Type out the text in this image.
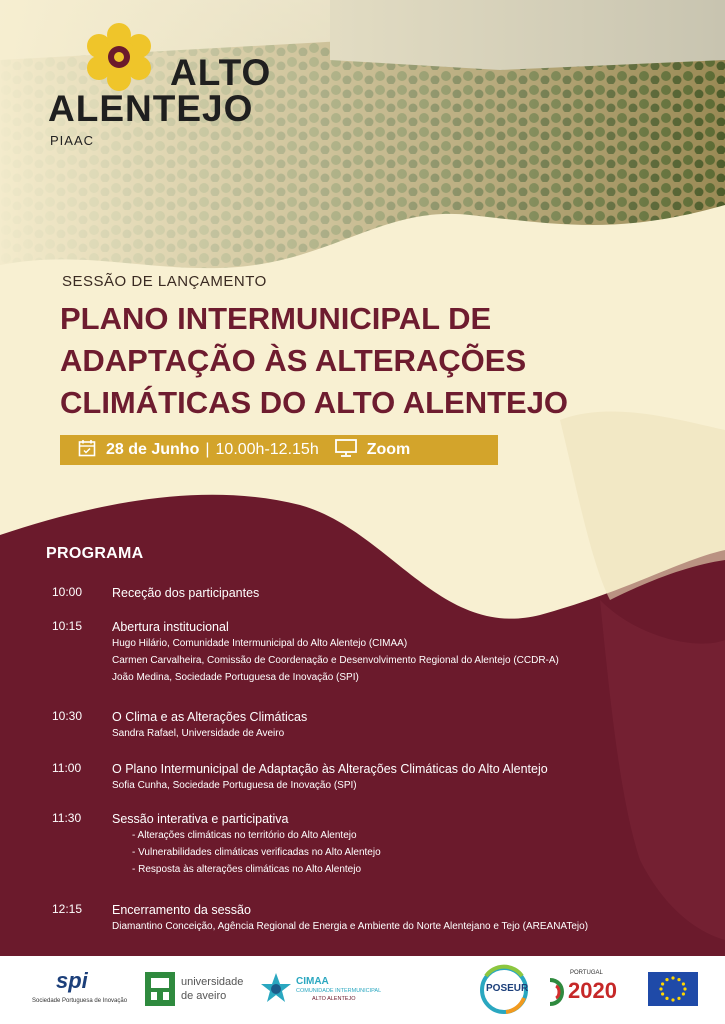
ALTO
ALENTEJO
PIAAC
SESSÃO DE LANÇAMENTO
PLANO INTERMUNICIPAL DE
ADAPTAÇÃO ÀS ALTERAÇÕES
CLIMÁTICAS DO ALTO ALENTEJO
28 de Junho | 10.00h-12.15h	Zoom
PROGRAMA
10:00	Receção dos participantes
10:15	Abertura institucional
Hugo Hilário, Comunidade Intermunicipal do Alto Alentejo (CIMAA)
Carmen Carvalheira, Comissão de Coordenação e Desenvolvimento Regional do Alentejo (CCDR-A)
João Medina, Sociedade Portuguesa de Inovação (SPI)
10:30	O Clima e as Alterações Climáticas
Sandra Rafael, Universidade de Aveiro
11:00	O Plano Intermunicipal de Adaptação às Alterações Climáticas do Alto Alentejo
Sofia Cunha, Sociedade Portuguesa de Inovação (SPI)
11:30	Sessão interativa e participativa
- Alterações climáticas no território do Alto Alentejo
- Vulnerabilidades climáticas verificadas no Alto Alentejo
- Resposta às alterações climáticas no Alto Alentejo
12:15	Encerramento da sessão
Diamantino Conceição, Agência Regional de Energia e Ambiente do Norte Alentejano e Tejo (AREANATejo)
spi
Sociedade Portuguesa de Inovação
universidade
de aveiro
CIMAA
COMUNIDADE INTERMUNICIPAL
ALTO ALENTEJO
POSEUR
PORTUGAL
2020
